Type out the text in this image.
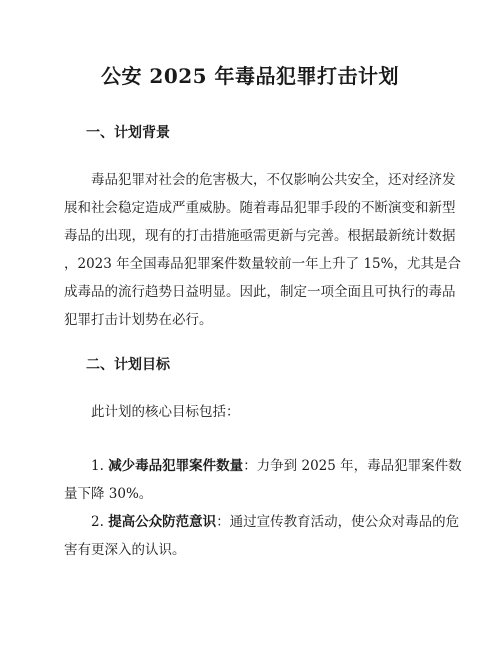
公安 2025 年毒品犯罪打击计划
一、计划背景
毒品犯罪对社会的危害极大，不仅影响公共安全，还对经济发
展和社会稳定造成严重威胁。随着毒品犯罪手段的不断演变和新型
毒品的出现，现有的打击措施亟需更新与完善。根据最新统计数据
，2023 年全国毒品犯罪案件数量较前一年上升了 15%，尤其是合
成毒品的流行趋势日益明显。因此，制定一项全面且可执行的毒品
犯罪打击计划势在必行。
二、计划目标
此计划的核心目标包括：
1. 减少毒品犯罪案件数量：力争到 2025 年，毒品犯罪案件数
量下降 30%。
2. 提高公众防范意识：通过宣传教育活动，使公众对毒品的危
害有更深入的认识。
